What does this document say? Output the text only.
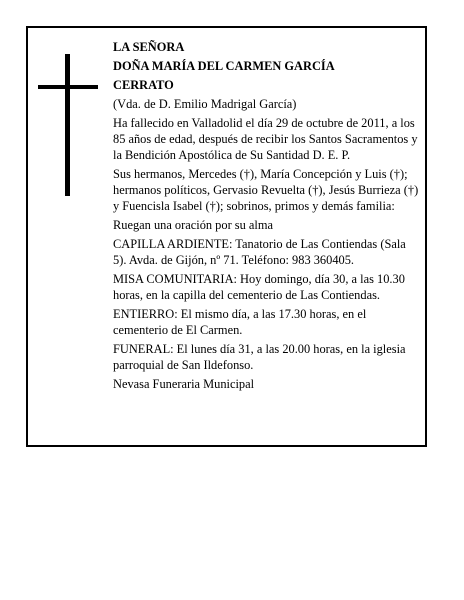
LA SEÑORA

DOÑA MARÍA DEL CARMEN GARCÍA

CERRATO

(Vda. de D. Emilio Madrigal García)

Ha fallecido en Valladolid el día 29 de octubre de 2011, a los 85 años de edad, después de recibir los Santos Sacramentos y la Bendición Apostólica de Su Santidad D. E. P.

Sus hermanos, Mercedes (†), María Concepción y Luis (†); hermanos políticos, Gervasio Revuelta (†), Jesús Burrieza (†) y Fuencisla Isabel (†); sobrinos, primos y demás familia:

Ruegan una oración por su alma

CAPILLA ARDIENTE: Tanatorio de Las Contiendas (Sala 5). Avda. de Gijón, nº 71. Teléfono: 983 360405.

MISA COMUNITARIA: Hoy domingo, día 30, a las 10.30 horas, en la capilla del cementerio de Las Contiendas.

ENTIERRO: El mismo día, a las 17.30 horas, en el cementerio de El Carmen.

FUNERAL: El lunes día 31, a las 20.00 horas, en la iglesia parroquial de San Ildefonso.

Nevasa Funeraria Municipal
